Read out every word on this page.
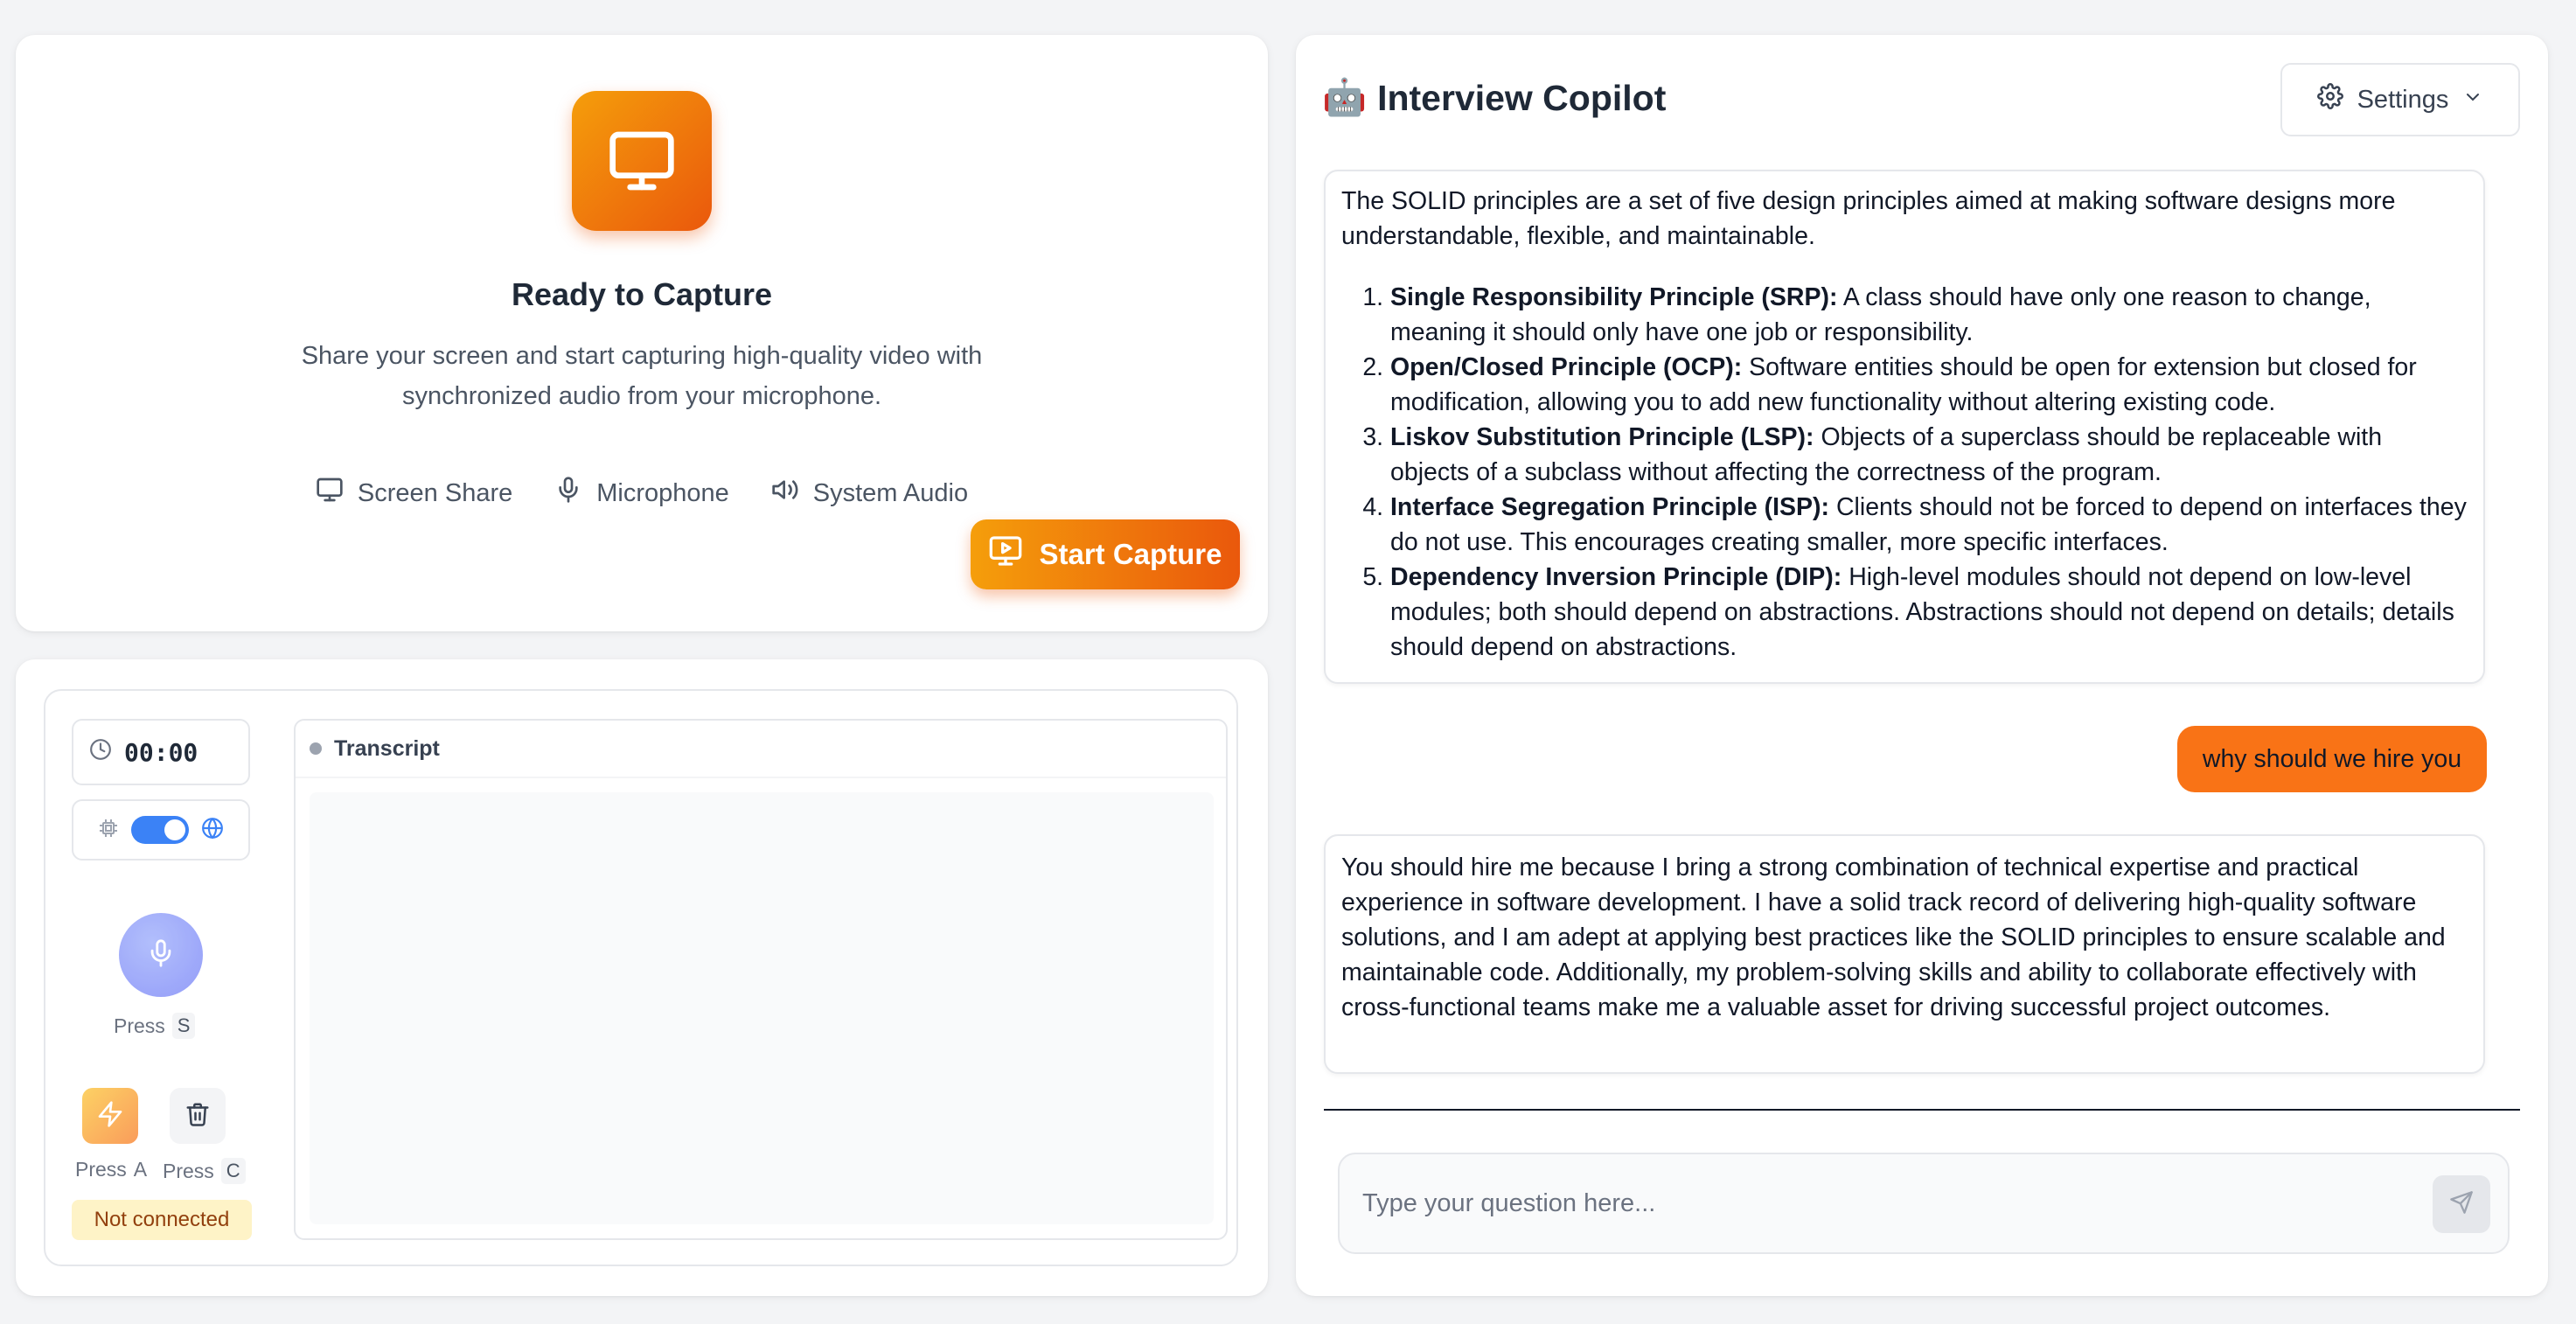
Ready to Capture
Share your screen and start capturing high-quality video with synchronized audio from your microphone.
Screen Share	Microphone	System Audio
Start Capture
00:00
Press S
Press A Press C
Not connected
Transcript
🤖 Interview Copilot	Settings

The SOLID principles are a set of five design principles aimed at making software designs more understandable, flexible, and maintainable.

1. Single Responsibility Principle (SRP): A class should have only one reason to change, meaning it should only have one job or responsibility.
2. Open/Closed Principle (OCP): Software entities should be open for extension but closed for modification, allowing you to add new functionality without altering existing code.
3. Liskov Substitution Principle (LSP): Objects of a superclass should be replaceable with objects of a subclass without affecting the correctness of the program.
4. Interface Segregation Principle (ISP): Clients should not be forced to depend on interfaces they do not use. This encourages creating smaller, more specific interfaces.
5. Dependency Inversion Principle (DIP): High-level modules should not depend on low-level modules; both should depend on abstractions. Abstractions should not depend on details; details should depend on abstractions.
why should we hire you

You should hire me because I bring a strong combination of technical expertise and practical experience in software development. I have a solid track record of delivering high-quality software solutions, and I am adept at applying best practices like the SOLID principles to ensure scalable and maintainable code. Additionally, my problem-solving skills and ability to collaborate effectively with cross-functional teams make me a valuable asset for driving successful project outcomes.

Type your question here...
